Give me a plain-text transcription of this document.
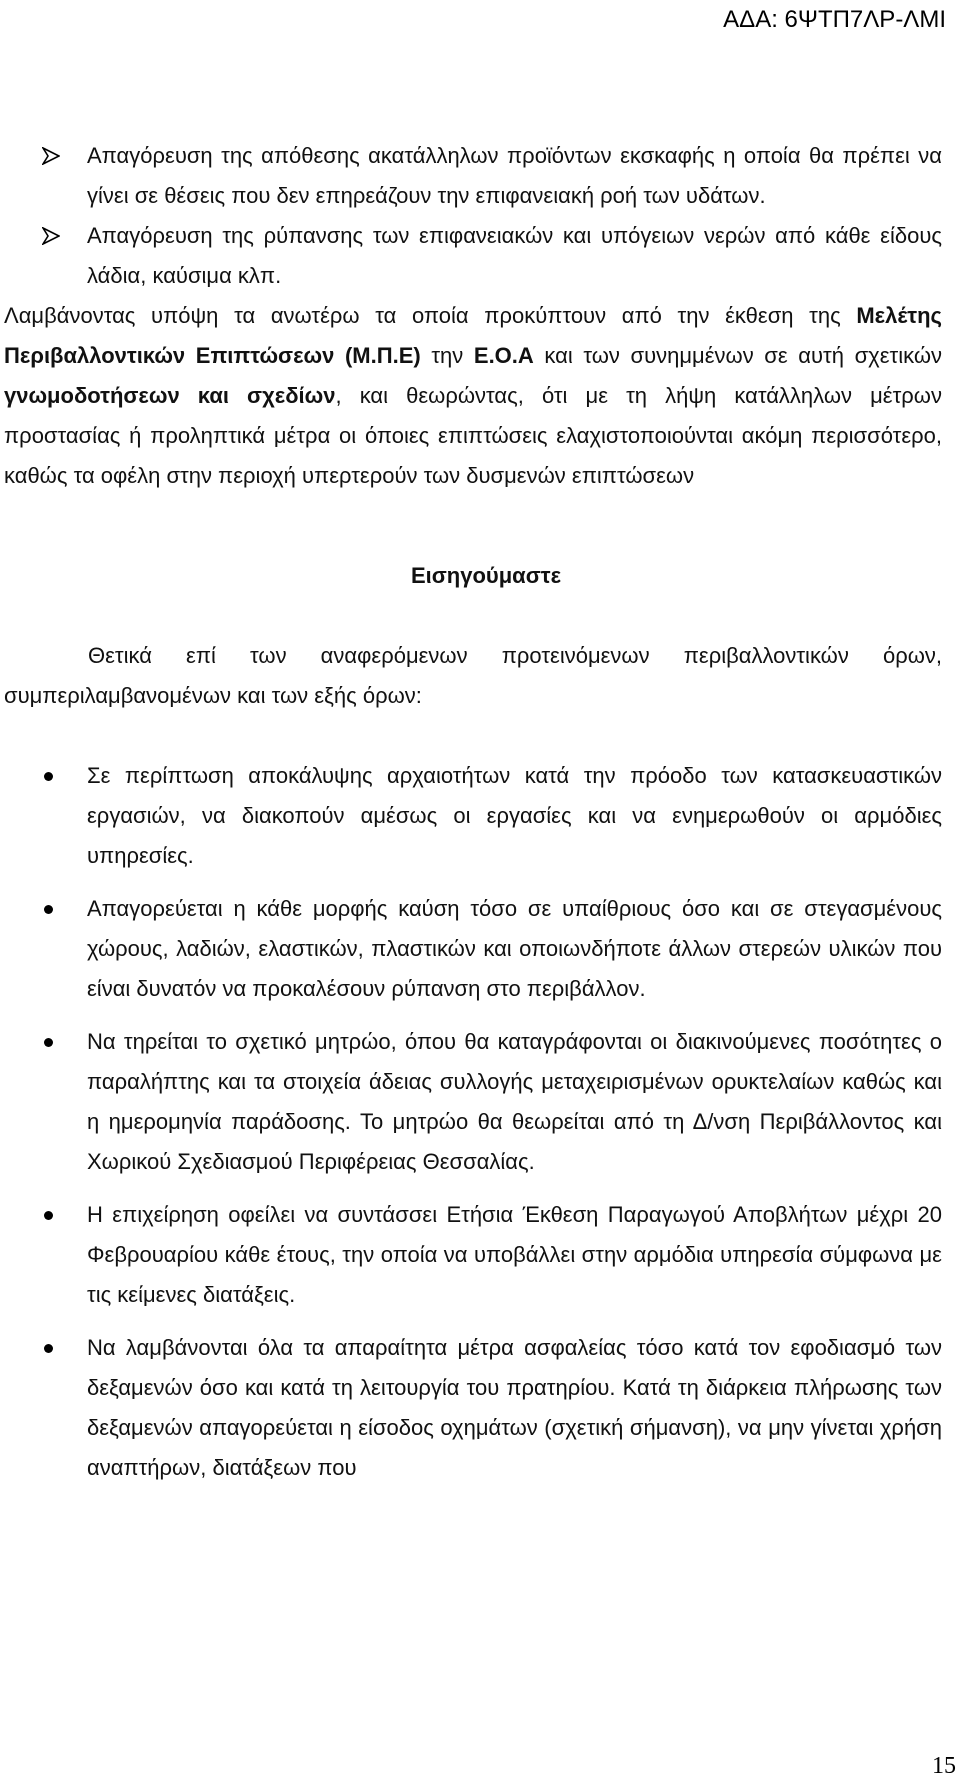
ΑΔΑ: 6ΨΤΠ7ΛΡ-ΛΜΙ
Απαγόρευση της απόθεσης ακατάλληλων προϊόντων εκσκαφής η οποία θα πρέπει να γίνει σε θέσεις που δεν επηρεάζουν την επιφανειακή ροή των υδάτων.
Απαγόρευση της ρύπανσης των επιφανειακών και υπόγειων νερών από κάθε είδους λάδια, καύσιμα κλπ.
Λαμβάνοντας υπόψη τα ανωτέρω τα οποία προκύπτουν από την έκθεση της Μελέτης Περιβαλλοντικών Επιπτώσεων (Μ.Π.Ε) την Ε.Ο.Α και των συνημμένων σε αυτή σχετικών γνωμοδοτήσεων και σχεδίων, και θεωρώντας, ότι με τη λήψη κατάλληλων μέτρων προστασίας ή προληπτικά μέτρα οι όποιες επιπτώσεις ελαχιστοποιούνται ακόμη περισσότερο, καθώς τα οφέλη στην περιοχή υπερτερούν των δυσμενών επιπτώσεων
Εισηγούμαστε
Θετικά επί των αναφερόμενων προτεινόμενων περιβαλλοντικών όρων, συμπεριλαμβανομένων και των εξής όρων:
Σε περίπτωση αποκάλυψης αρχαιοτήτων κατά την πρόοδο των κατασκευαστικών εργασιών, να διακοπούν αμέσως οι εργασίες και να ενημερωθούν οι αρμόδιες υπηρεσίες.
Απαγορεύεται η κάθε μορφής καύση τόσο σε υπαίθριους όσο και σε στεγασμένους χώρους, λαδιών, ελαστικών, πλαστικών και οποιωνδήποτε άλλων στερεών υλικών που είναι δυνατόν να προκαλέσουν ρύπανση στο περιβάλλον.
Να τηρείται το σχετικό μητρώο, όπου θα καταγράφονται οι διακινούμενες ποσότητες ο παραλήπτης και τα στοιχεία άδειας συλλογής μεταχειρισμένων ορυκτελαίων καθώς και η ημερομηνία παράδοσης. Το μητρώο θα θεωρείται από τη Δ/νση Περιβάλλοντος και Χωρικού Σχεδιασμού Περιφέρειας Θεσσαλίας.
Η επιχείρηση οφείλει να συντάσσει Ετήσια Έκθεση Παραγωγού Αποβλήτων μέχρι 20 Φεβρουαρίου κάθε έτους, την οποία να υποβάλλει στην αρμόδια υπηρεσία σύμφωνα με τις κείμενες διατάξεις.
Να λαμβάνονται όλα τα απαραίτητα μέτρα ασφαλείας τόσο κατά τον εφοδιασμό των δεξαμενών όσο και κατά τη λειτουργία του πρατηρίου. Κατά τη διάρκεια πλήρωσης των δεξαμενών απαγορεύεται η είσοδος οχημάτων (σχετική σήμανση), να μην γίνεται χρήση αναπτήρων, διατάξεων που
15
